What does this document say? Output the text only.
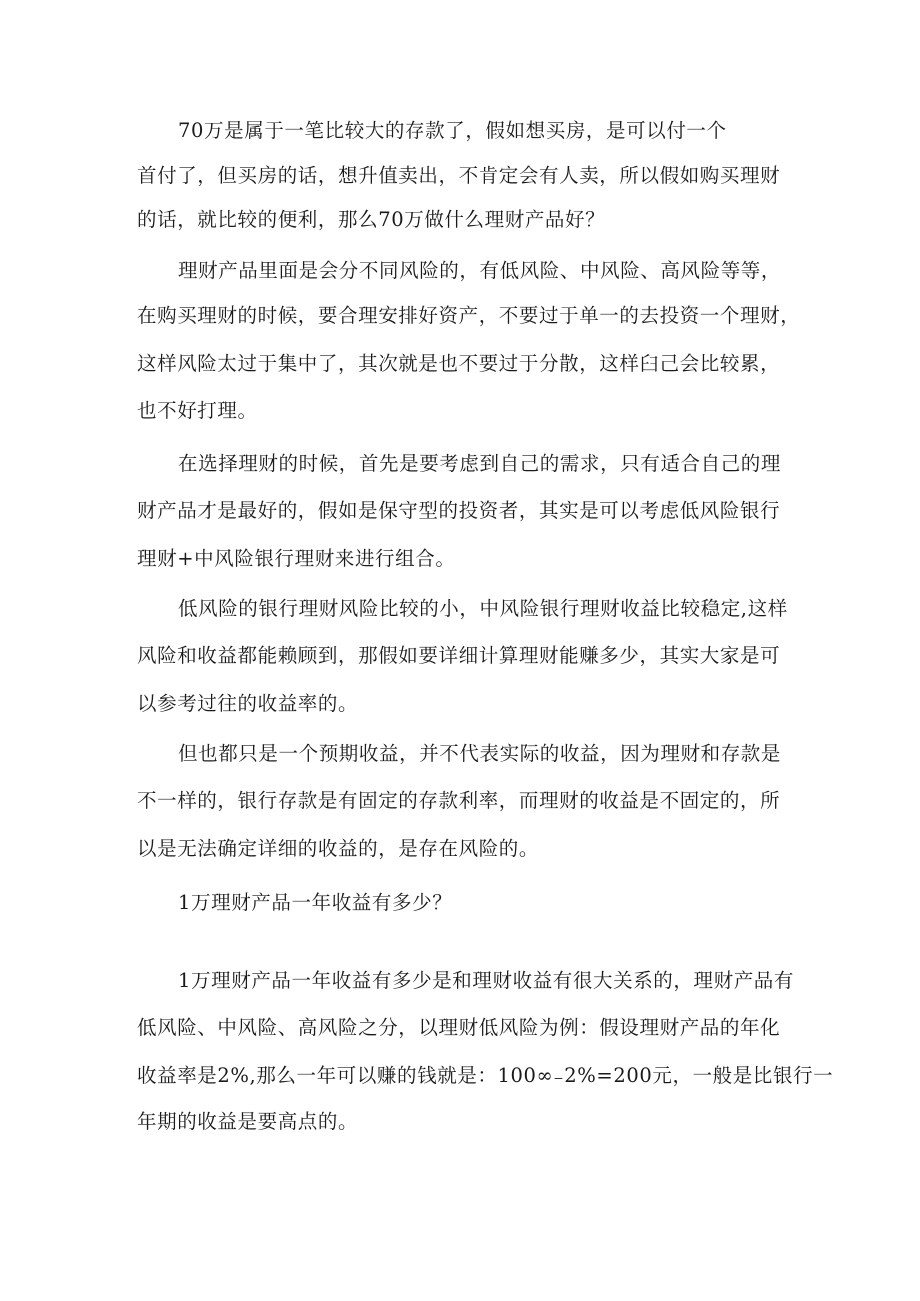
70万是属于一笔比较大的存款了，假如想买房，是可以付一个
首付了，但买房的话，想升值卖出，不肯定会有人卖，所以假如购买理财
的话，就比较的便利，那么70万做什么理财产品好？
理财产品里面是会分不同风险的，有低风险、中风险、高风险等等，
在购买理财的时候，要合理安排好资产，不要过于单一的去投资一个理财，
这样风险太过于集中了，其次就是也不要过于分散，这样臼己会比较累，
也不好打理。
在选择理财的时候，首先是要考虑到自己的需求，只有适合自己的理
财产品才是最好的，假如是保守型的投资者，其实是可以考虑低风险银行
理财+中风险银行理财来进行组合。
低风险的银行理财风险比较的小，中风险银行理财收益比较稳定,这样
风险和收益都能赖顾到，那假如要详细计算理财能赚多少，其实大家是可
以参考过往的收益率的。
但也都只是一个预期收益，并不代表实际的收益，因为理财和存款是
不一样的，银行存款是有固定的存款利率，而理财的收益是不固定的，所
以是无法确定详细的收益的，是存在风险的。
1万理财产品一年收益有多少？
1万理财产品一年收益有多少是和理财收益有很大关系的，理财产品有
低风险、中风险、高风险之分，以理财低风险为例：假设理财产品的年化
收益率是2%,那么一年可以赚的钱就是：100∞₋2%=200元，一般是比银行一
年期的收益是要高点的。
